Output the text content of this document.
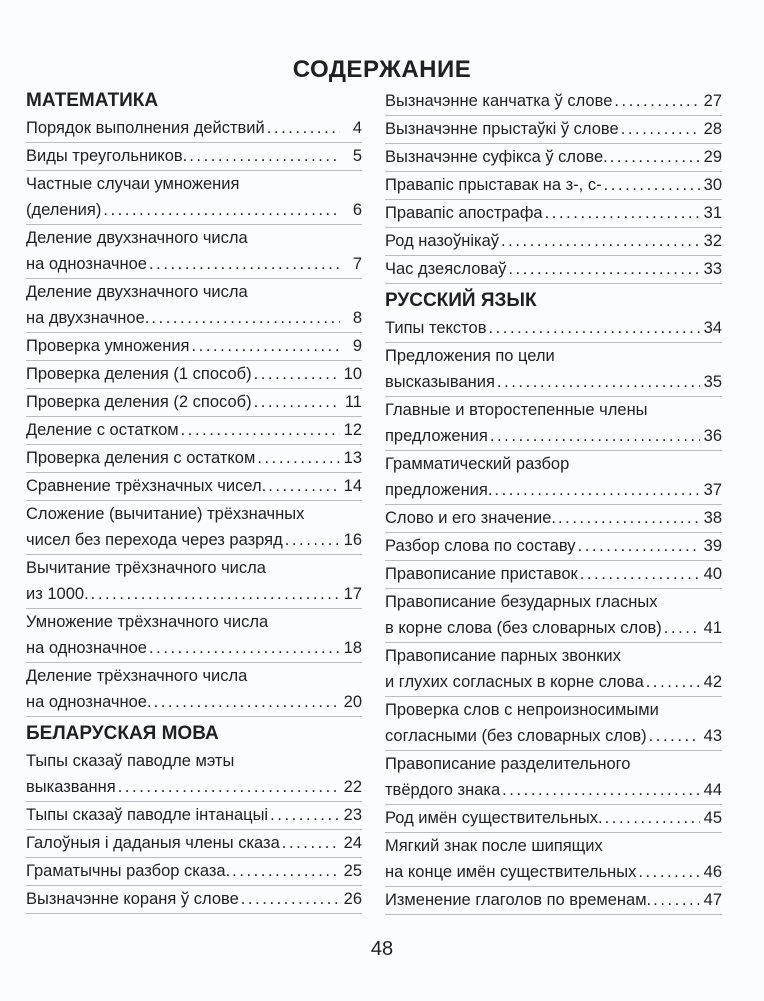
СОДЕРЖАНИЕ
МАТЕМАТИКА
Порядок выполнения действий . . .	4
Виды треугольников. . . .	5
Частные случаи умножения
(деления) . . .	6
Деление двухзначного числа
на однозначное . . .	7
Деление двухзначного числа
на двухзначное. . . .	8
Проверка умножения . . .	9
Проверка деления (1 способ) . . .	10
Проверка деления (2 способ) . . .	11
Деление с остатком . . .	12
Проверка деления с остатком . . .	13
Сравнение трёхзначных чисел. . . .	14
Сложение (вычитание) трёхзначных
чисел без перехода через разряд . . .	16
Вычитание трёхзначного числа
из 1000. . . .	17
Умножение трёхзначного числа
на однозначное . . .	18
Деление трёхзначного числа
на однозначное. . . .	20
БЕЛАРУСКАЯ МОВА
Тыпы сказаў паводле мэты
выказвання . . .	22
Тыпы сказаў паводле інтанацыі . . .	23
Галоўныя і даданыя члены сказа . . .	24
Граматычны разбор сказа. . . .	25
Вызначэнне кораня ў слове . . .	26
Вызначэнне канчатка ў слове . . .	27
Вызначэнне прыстаўкі ў слове . . .	28
Вызначэнне суфікса ў слове. . . .	29
Правапіс прыставак на з-, с- . . .	30
Правапіс апострафа . . .	31
Род назоўнікаў . . .	32
Час дзеясловаў . . .	33
РУССКИЙ ЯЗЫК
Типы текстов . . .	34
Предложения по цели
высказывания . . .	35
Главные и второстепенные члены
предложения . . .	36
Грамматический разбор
предложения. . . .	37
Слово и его значение. . . .	38
Разбор слова по составу . . .	39
Правописание приставок . . .	40
Правописание безударных гласных
в корне слова (без словарных слов) . . .	41
Правописание парных звонких
и глухих согласных в корне слова . . .	42
Проверка слов с непроизносимыми
согласными (без словарных слов) . . .	43
Правописание разделительного
твёрдого знака . . .	44
Род имён существительных. . . .	45
Мягкий знак после шипящих
на конце имён существительных . . .	46
Изменение глаголов по временам. . . .	47
48
